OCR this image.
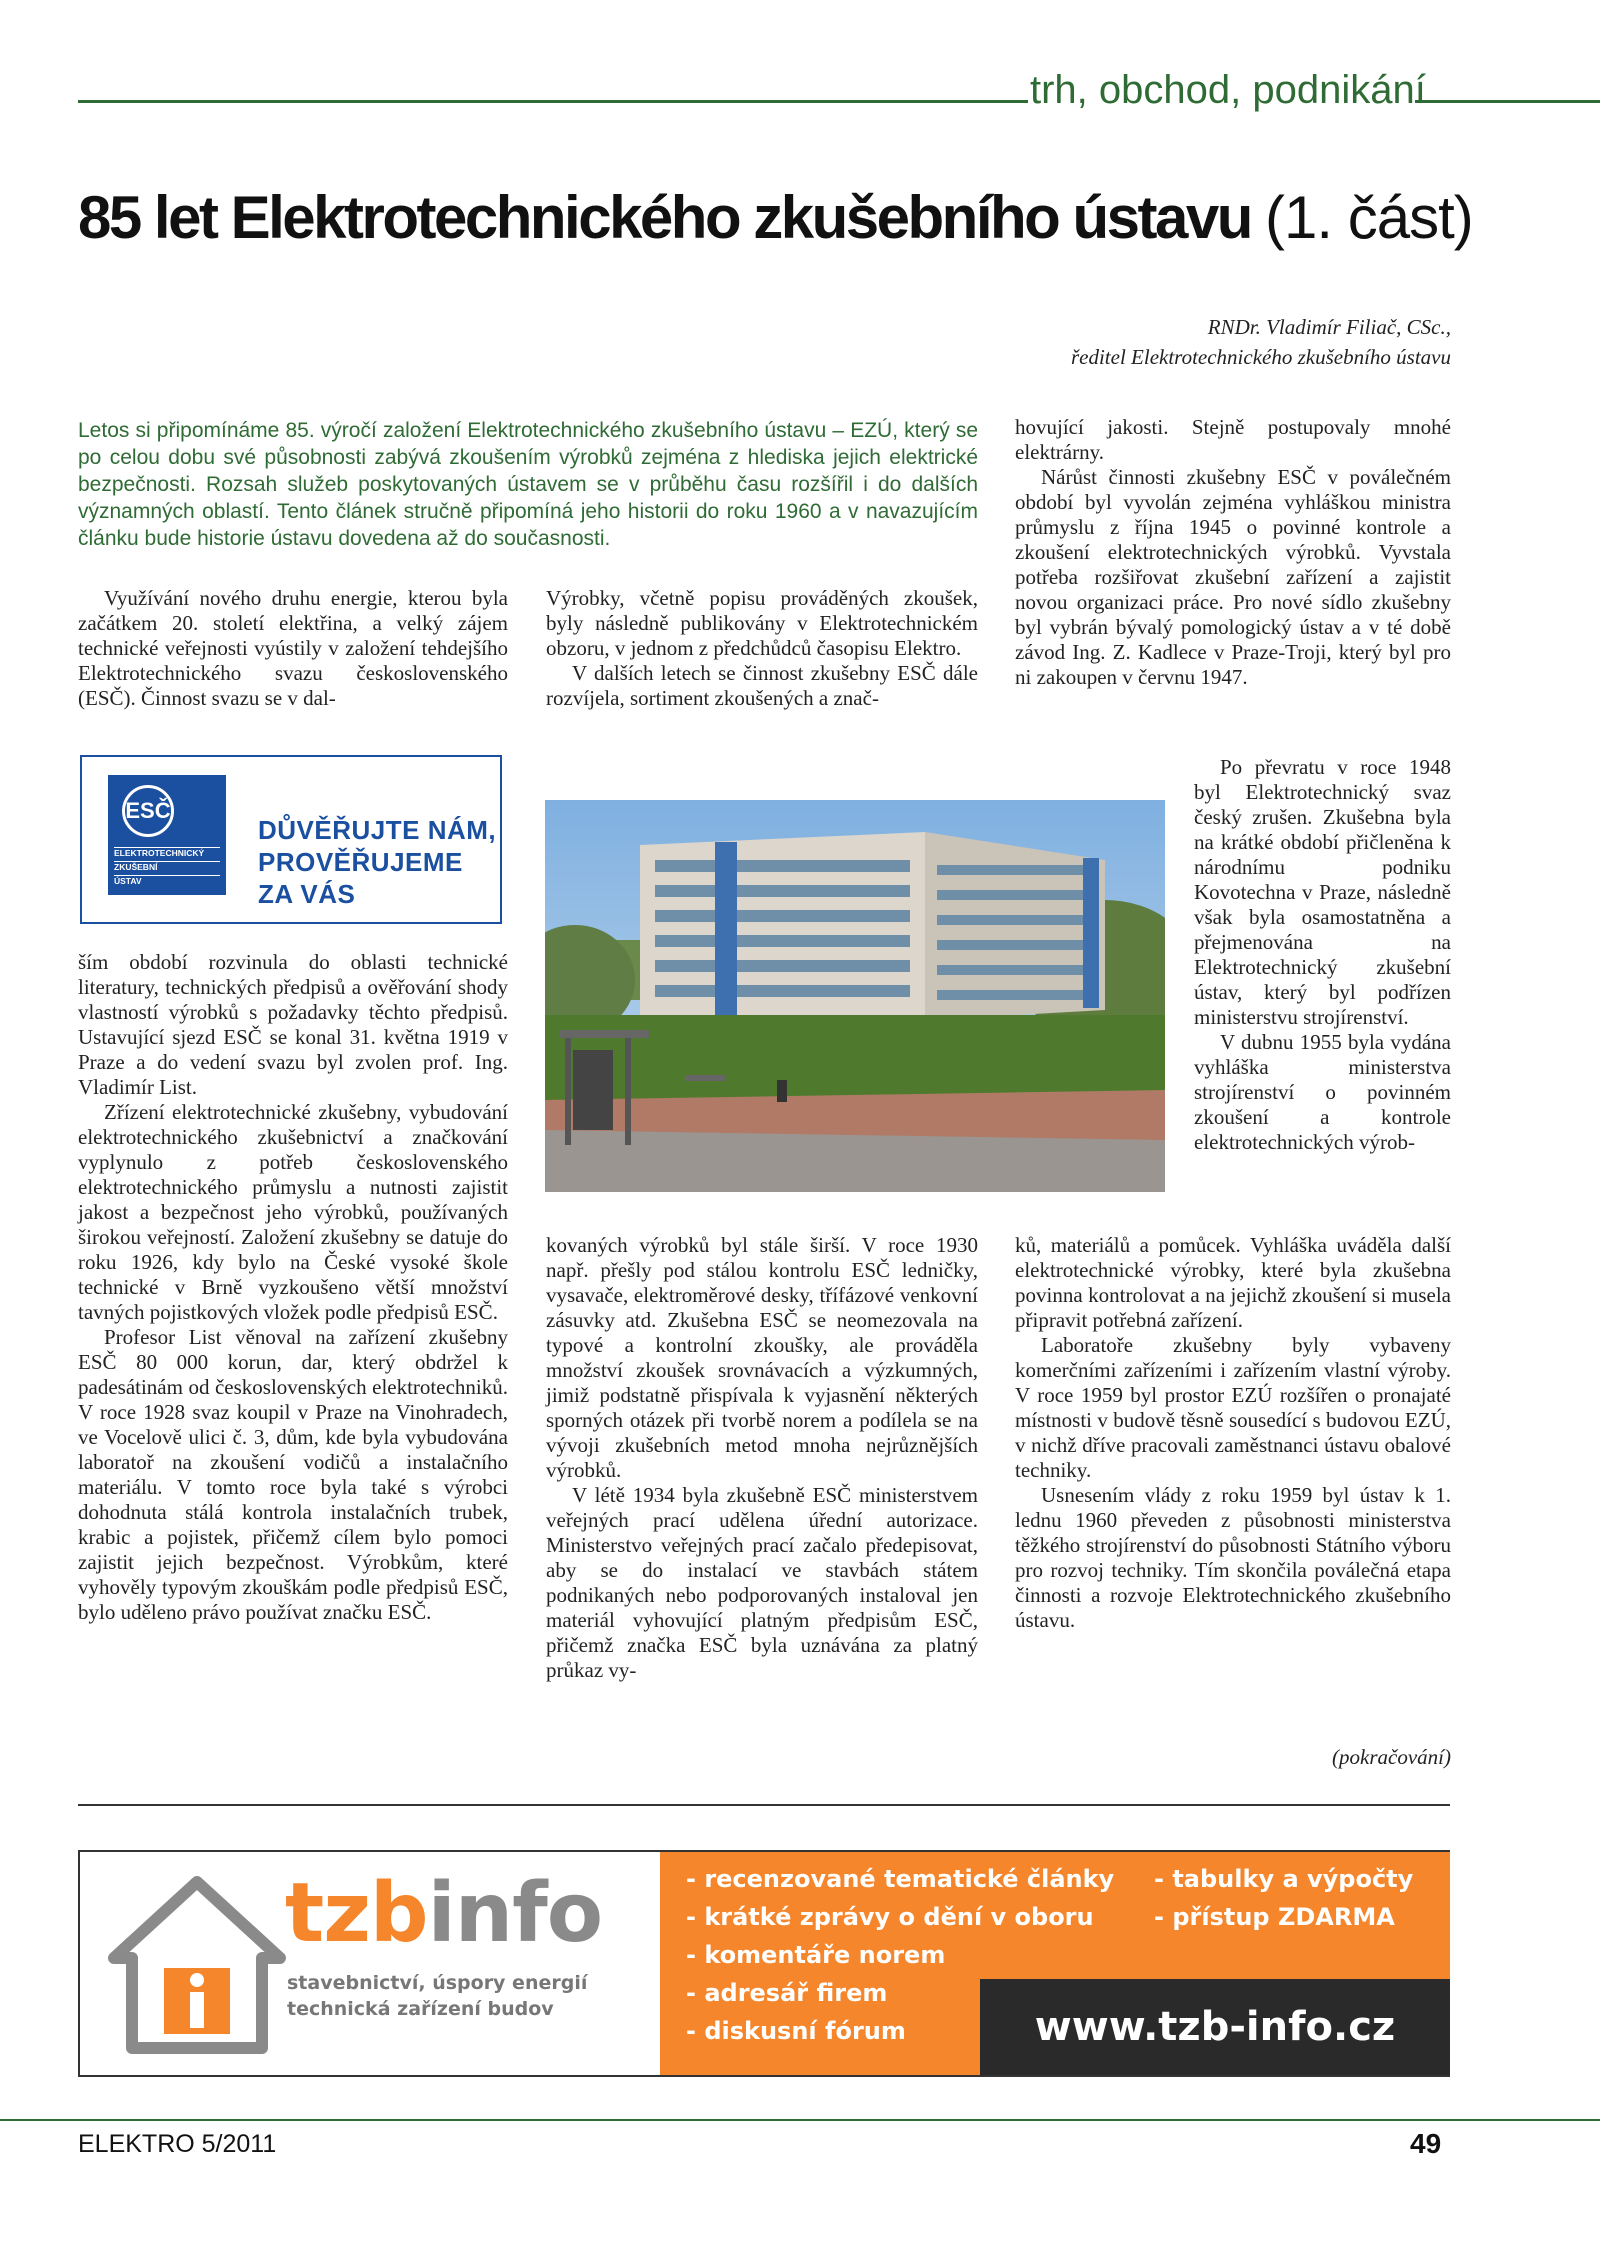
trh, obchod, podnikání
85 let Elektrotechnického zkušebního ústavu (1. část)
RNDr. Vladimír Filiač, CSc.,
ředitel Elektrotechnického zkušebního ústavu
Letos si připomínáme 85. výročí založení Elektrotechnického zkušebního ústavu – EZÚ, který se po celou dobu své působnosti zabývá zkoušením výrobků zejména z hlediska jejich elektrické bezpečnosti. Rozsah služeb poskytovaných ústavem se v průběhu času rozšířil i do dalších významných oblastí. Tento článek stručně připomíná jeho historii do roku 1960 a v navazujícím článku bude historie ústavu dovedena až do současnosti.

Využívání nového druhu energie, kterou byla začátkem 20. století elektřina, a velký zájem technické veřejnosti vyústily v založení tehdejšího Elektrotechnického svazu československého (ESČ). Činnost svazu se v dal-

ESČ
ELEKTROTECHNICKÝ
ZKUŠEBNÍ
ÚSTAV
DŮVĚŘUJTE NÁM,
PROVĚŘUJEME ZA VÁS

ším období rozvinula do oblasti technické literatury, technických předpisů a ověřování shody vlastností výrobků s požadavky těchto předpisů. Ustavující sjezd ESČ se konal 31. května 1919 v Praze a do vedení svazu byl zvolen prof. Ing. Vladimír List.

Zřízení elektrotechnické zkušebny, vybudování elektrotechnického zkušebnictví a značkování vyplynulo z potřeb československého elektrotechnického průmyslu a nutnosti zajistit jakost a bezpečnost jeho výrobků, používaných širokou veřejností. Založení zkušebny se datuje do roku 1926, kdy bylo na České vysoké škole technické v Brně vyzkoušeno větší množství tavných pojistkových vložek podle předpisů ESČ.

Profesor List věnoval na zařízení zkušebny ESČ 80 000 korun, dar, který obdržel k padesátinám od československých elektrotechniků. V roce 1928 svaz koupil v Praze na Vinohradech, ve Vocelově ulici č. 3, dům, kde byla vybudována laboratoř na zkoušení vodičů a instalačního materiálu. V tomto roce byla také s výrobci dohodnuta stálá kontrola instalačních trubek, krabic a pojistek, přičemž cílem bylo pomoci zajistit jejich bezpečnost. Výrobkům, které vyhověly typovým zkouškám podle předpisů ESČ, bylo uděleno právo používat značku ESČ.

Výrobky, včetně popisu prováděných zkoušek, byly následně publikovány v Elektrotechnickém obzoru, v jednom z předchůdců časopisu Elektro.

V dalších letech se činnost zkušebny ESČ dále rozvíjela, sortiment zkoušených a znač-

kovaných výrobků byl stále širší. V roce 1930 např. přešly pod stálou kontrolu ESČ ledničky, vysavače, elektroměrové desky, třífázové venkovní zásuvky atd. Zkušebna ESČ se neomezovala na typové a kontrolní zkoušky, ale prováděla množství zkoušek srovnávacích a výzkumných, jimiž podstatně přispívala k vyjasnění některých sporných otázek při tvorbě norem a podílela se na vývoji zkušebních metod mnoha nejrůznějších výrobků.

V létě 1934 byla zkušebně ESČ ministerstvem veřejných prací udělena úřední autorizace. Ministerstvo veřejných prací začalo předepisovat, aby se do instalací ve stavbách státem podnikaných nebo podporovaných instaloval jen materiál vyhovující platným předpisům ESČ, přičemž značka ESČ byla uznávána za platný průkaz vy-

hovující jakosti. Stejně postupovaly mnohé elektrárny.

Nárůst činnosti zkušebny ESČ v poválečném období byl vyvolán zejména vyhláškou ministra průmyslu z října 1945 o povinné kontrole a zkoušení elektrotechnických výrobků. Vyvstala potřeba rozšiřovat zkušební zařízení a zajistit novou organizaci práce. Pro nové sídlo zkušebny byl vybrán bývalý pomologický ústav a v té době závod Ing. Z. Kadlece v Praze-Troji, který byl pro ni zakoupen v červnu 1947.

Po převratu v roce 1948 byl Elektrotechnický svaz český zrušen. Zkušebna byla na krátké období přičleněna k národnímu podniku Kovotechna v Praze, následně však byla osamostatněna a přejmenována na Elektrotechnický zkušební ústav, který byl podřízen ministerstvu strojírenství.

V dubnu 1955 byla vydána vyhláška ministerstva strojírenství o povinném zkoušení a kontrole elektrotechnických výrob-

ků, materiálů a pomůcek. Vyhláška uváděla další elektrotechnické výrobky, které byla zkušebna povinna kontrolovat a na jejichž zkoušení si musela připravit potřebná zařízení.

Laboratoře zkušebny byly vybaveny komerčními zařízeními i zařízením vlastní výroby. V roce 1959 byl prostor EZÚ rozšířen o pronajaté místnosti v budově těsně sousedící s budovou EZÚ, v nichž dříve pracovali zaměstnanci ústavu obalové techniky.

Usnesením vlády z roku 1959 byl ústav k 1. lednu 1960 převeden z působnosti ministerstva těžkého strojírenství do působnosti Státního výboru pro rozvoj techniky. Tím skončila poválečná etapa činnosti a rozvoje Elektrotechnického zkušebního ústavu.

(pokračování)
tzbinfo
stavebnictví, úspory energií
technická zařízení budov
- recenzované tematické články
- krátké zprávy o dění v oboru
- komentáře norem
- adresář firem
- diskusní fórum
- tabulky a výpočty
- přístup ZDARMA
www.tzb-info.cz
ELEKTRO 5/2011	49
